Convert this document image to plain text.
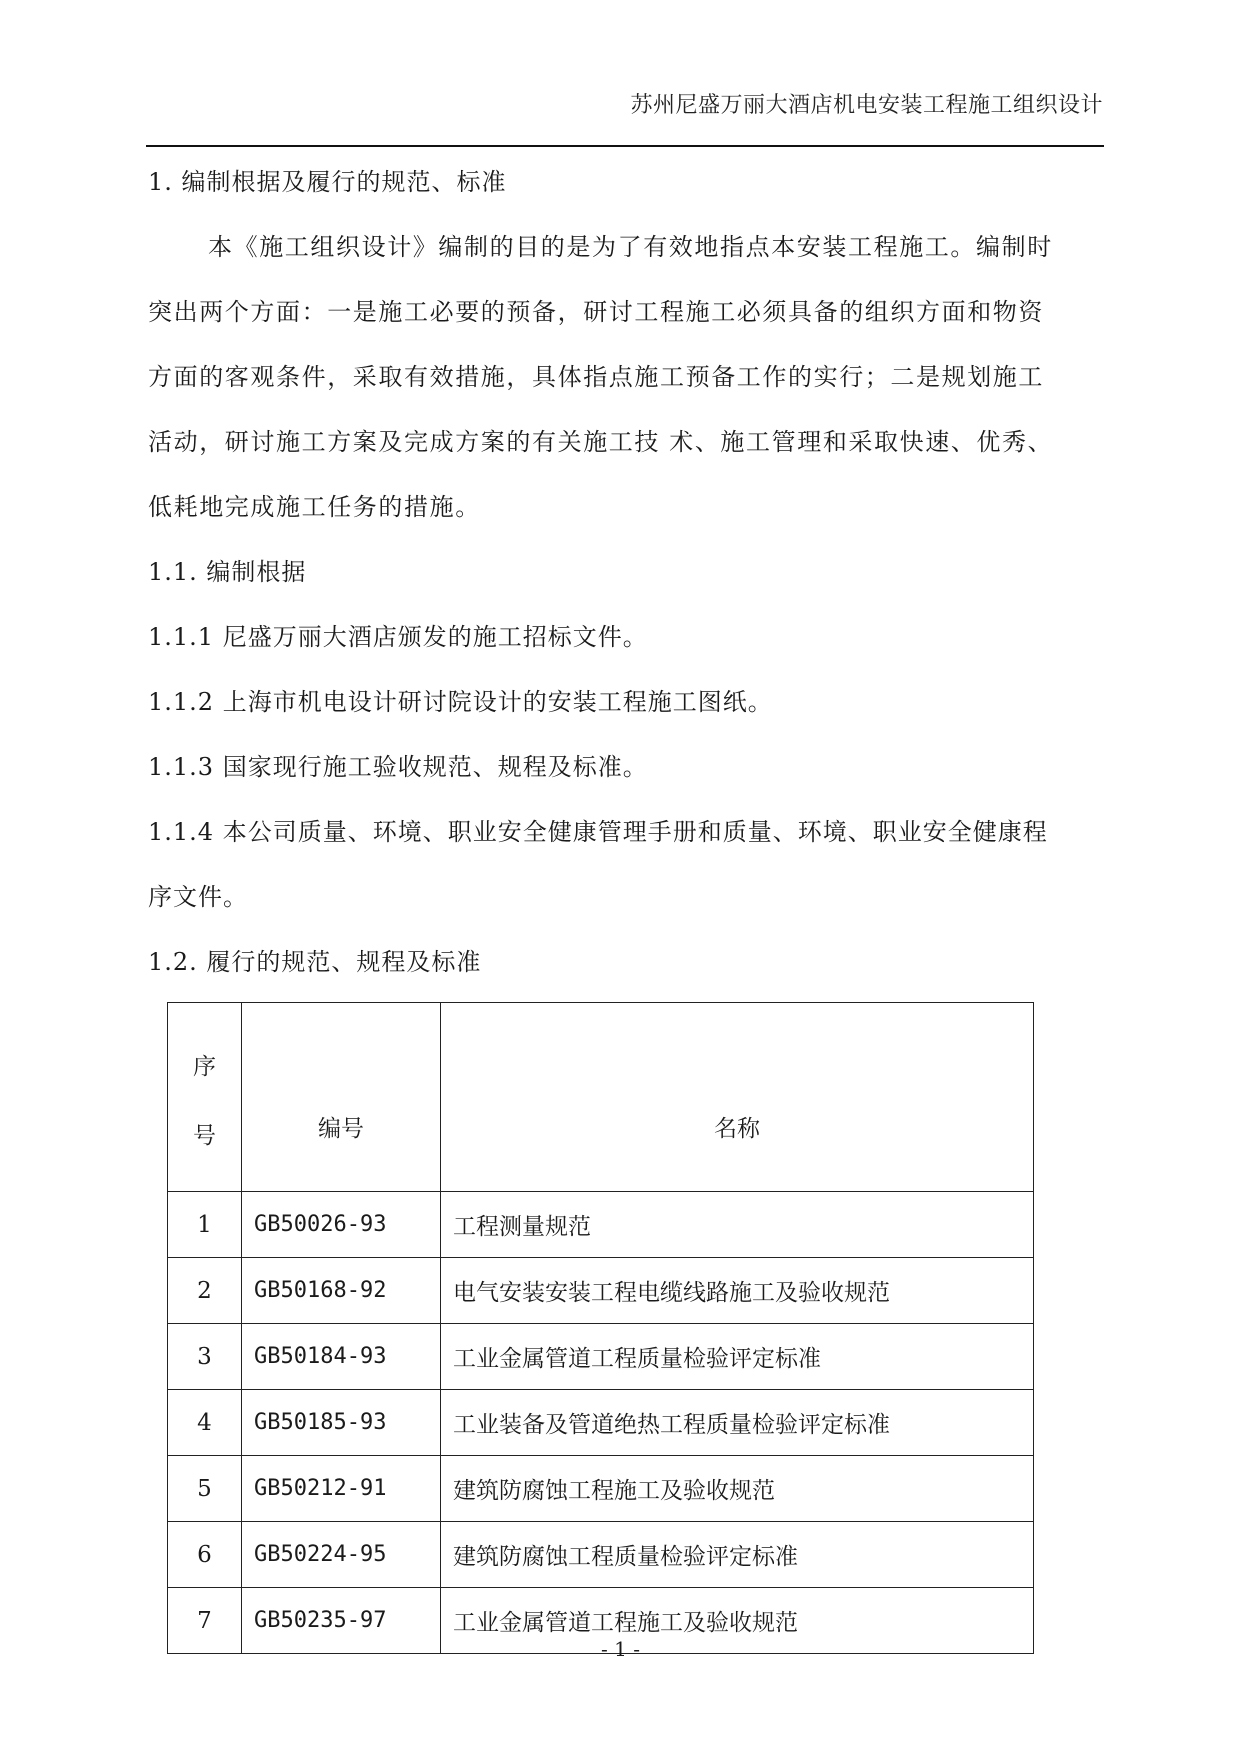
苏州尼盛万丽大酒店机电安装工程施工组织设计
1. 编制根据及履行的规范、标准
本《施工组织设计》编制的目的是为了有效地指点本安装工程施工。编制时
突出两个方面：一是施工必要的预备，研讨工程施工必须具备的组织方面和物资
方面的客观条件，采取有效措施，具体指点施工预备工作的实行；二是规划施工
活动，研讨施工方案及完成方案的有关施工技 术、施工管理和采取快速、优秀、
低耗地完成施工任务的措施。
1.1. 编制根据
1.1.1 尼盛万丽大酒店颁发的施工招标文件。
1.1.2 上海市机电设计研讨院设计的安装工程施工图纸。
1.1.3 国家现行施工验收规范、规程及标准。
1.1.4 本公司质量、环境、职业安全健康管理手册和质量、环境、职业安全健康程
序文件。
1.2. 履行的规范、规程及标准
序
号	编号	名称
1	GB50026-93	工程测量规范
2	GB50168-92	电气安装安装工程电缆线路施工及验收规范
3	GB50184-93	工业金属管道工程质量检验评定标准
4	GB50185-93	工业装备及管道绝热工程质量检验评定标准
5	GB50212-91	建筑防腐蚀工程施工及验收规范
6	GB50224-95	建筑防腐蚀工程质量检验评定标准
7	GB50235-97	工业金属管道工程施工及验收规范
- 1 -
